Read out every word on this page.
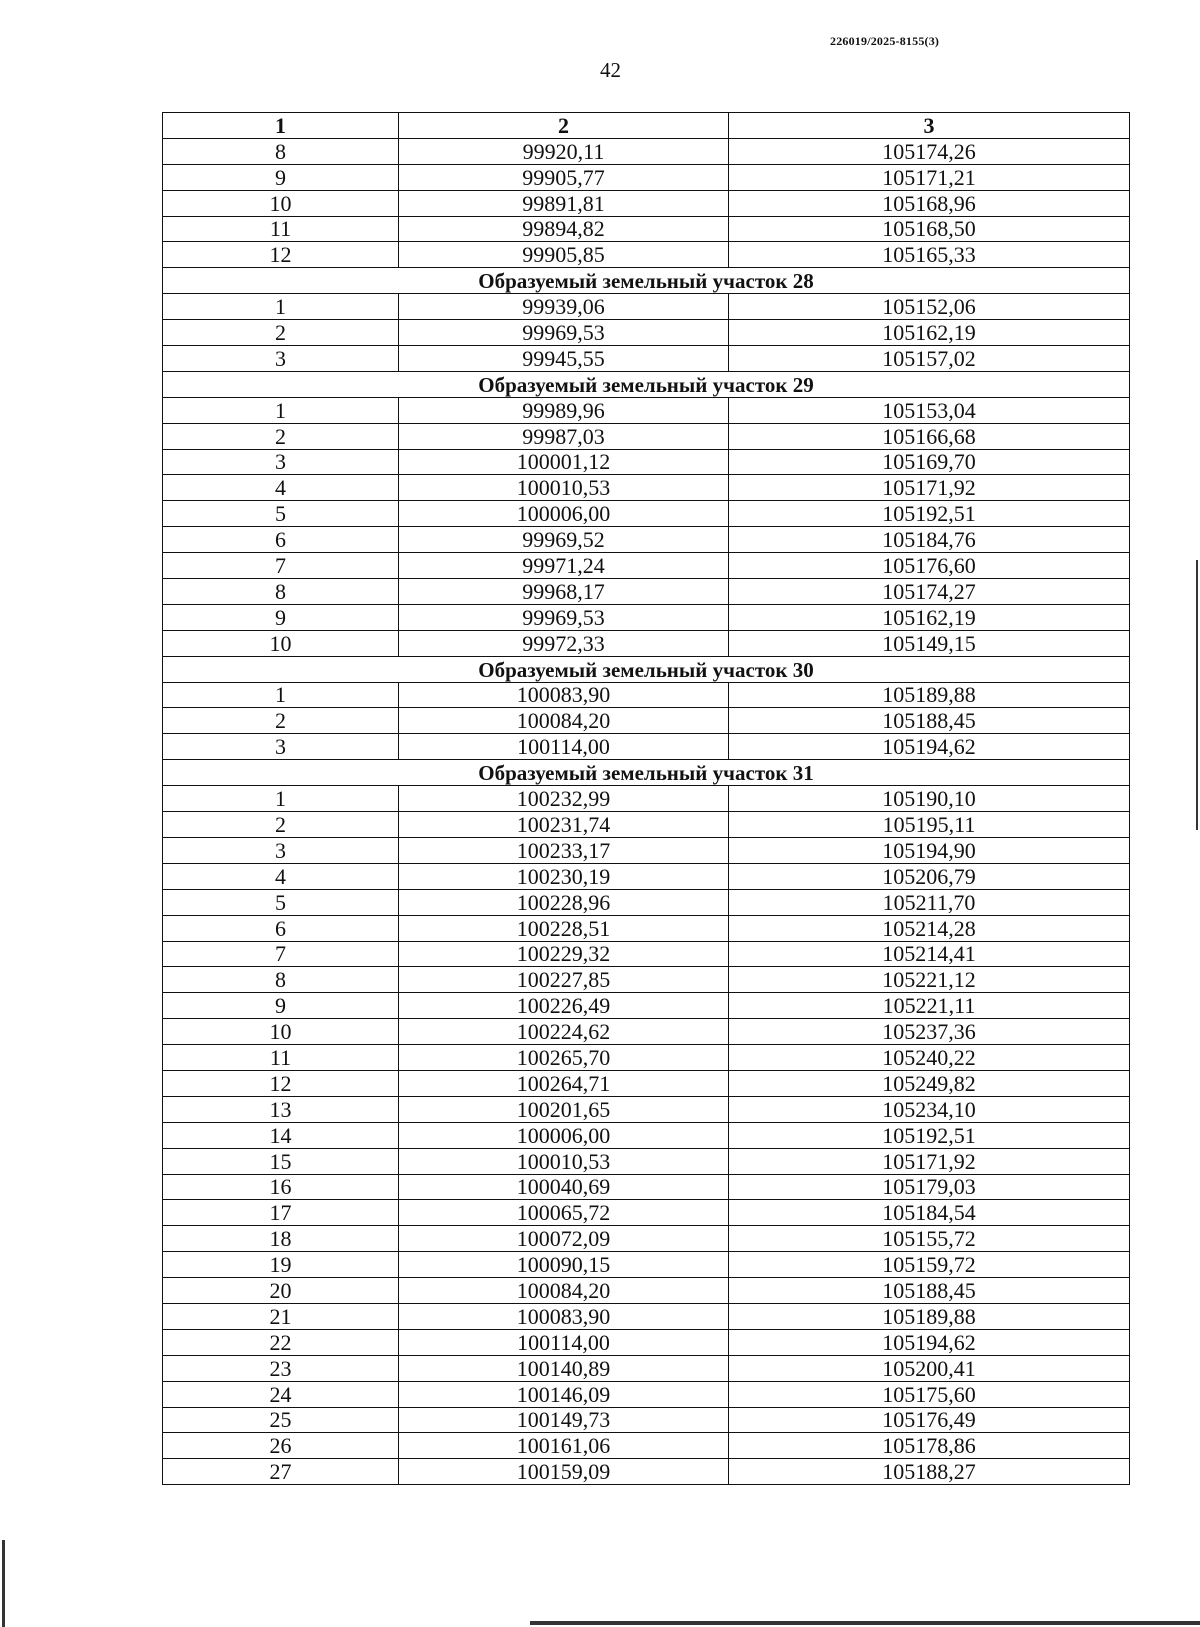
226019/2025-8155(3)
42
1	2	3
8	99920,11	105174,26
9	99905,77	105171,21
10	99891,81	105168,96
11	99894,82	105168,50
12	99905,85	105165,33
Образуемый земельный участок 28		
1	99939,06	105152,06
2	99969,53	105162,19
3	99945,55	105157,02
Образуемый земельный участок 29		
1	99989,96	105153,04
2	99987,03	105166,68
3	100001,12	105169,70
4	100010,53	105171,92
5	100006,00	105192,51
6	99969,52	105184,76
7	99971,24	105176,60
8	99968,17	105174,27
9	99969,53	105162,19
10	99972,33	105149,15
Образуемый земельный участок 30		
1	100083,90	105189,88
2	100084,20	105188,45
3	100114,00	105194,62
Образуемый земельный участок 31		
1	100232,99	105190,10
2	100231,74	105195,11
3	100233,17	105194,90
4	100230,19	105206,79
5	100228,96	105211,70
6	100228,51	105214,28
7	100229,32	105214,41
8	100227,85	105221,12
9	100226,49	105221,11
10	100224,62	105237,36
11	100265,70	105240,22
12	100264,71	105249,82
13	100201,65	105234,10
14	100006,00	105192,51
15	100010,53	105171,92
16	100040,69	105179,03
17	100065,72	105184,54
18	100072,09	105155,72
19	100090,15	105159,72
20	100084,20	105188,45
21	100083,90	105189,88
22	100114,00	105194,62
23	100140,89	105200,41
24	100146,09	105175,60
25	100149,73	105176,49
26	100161,06	105178,86
27	100159,09	105188,27
